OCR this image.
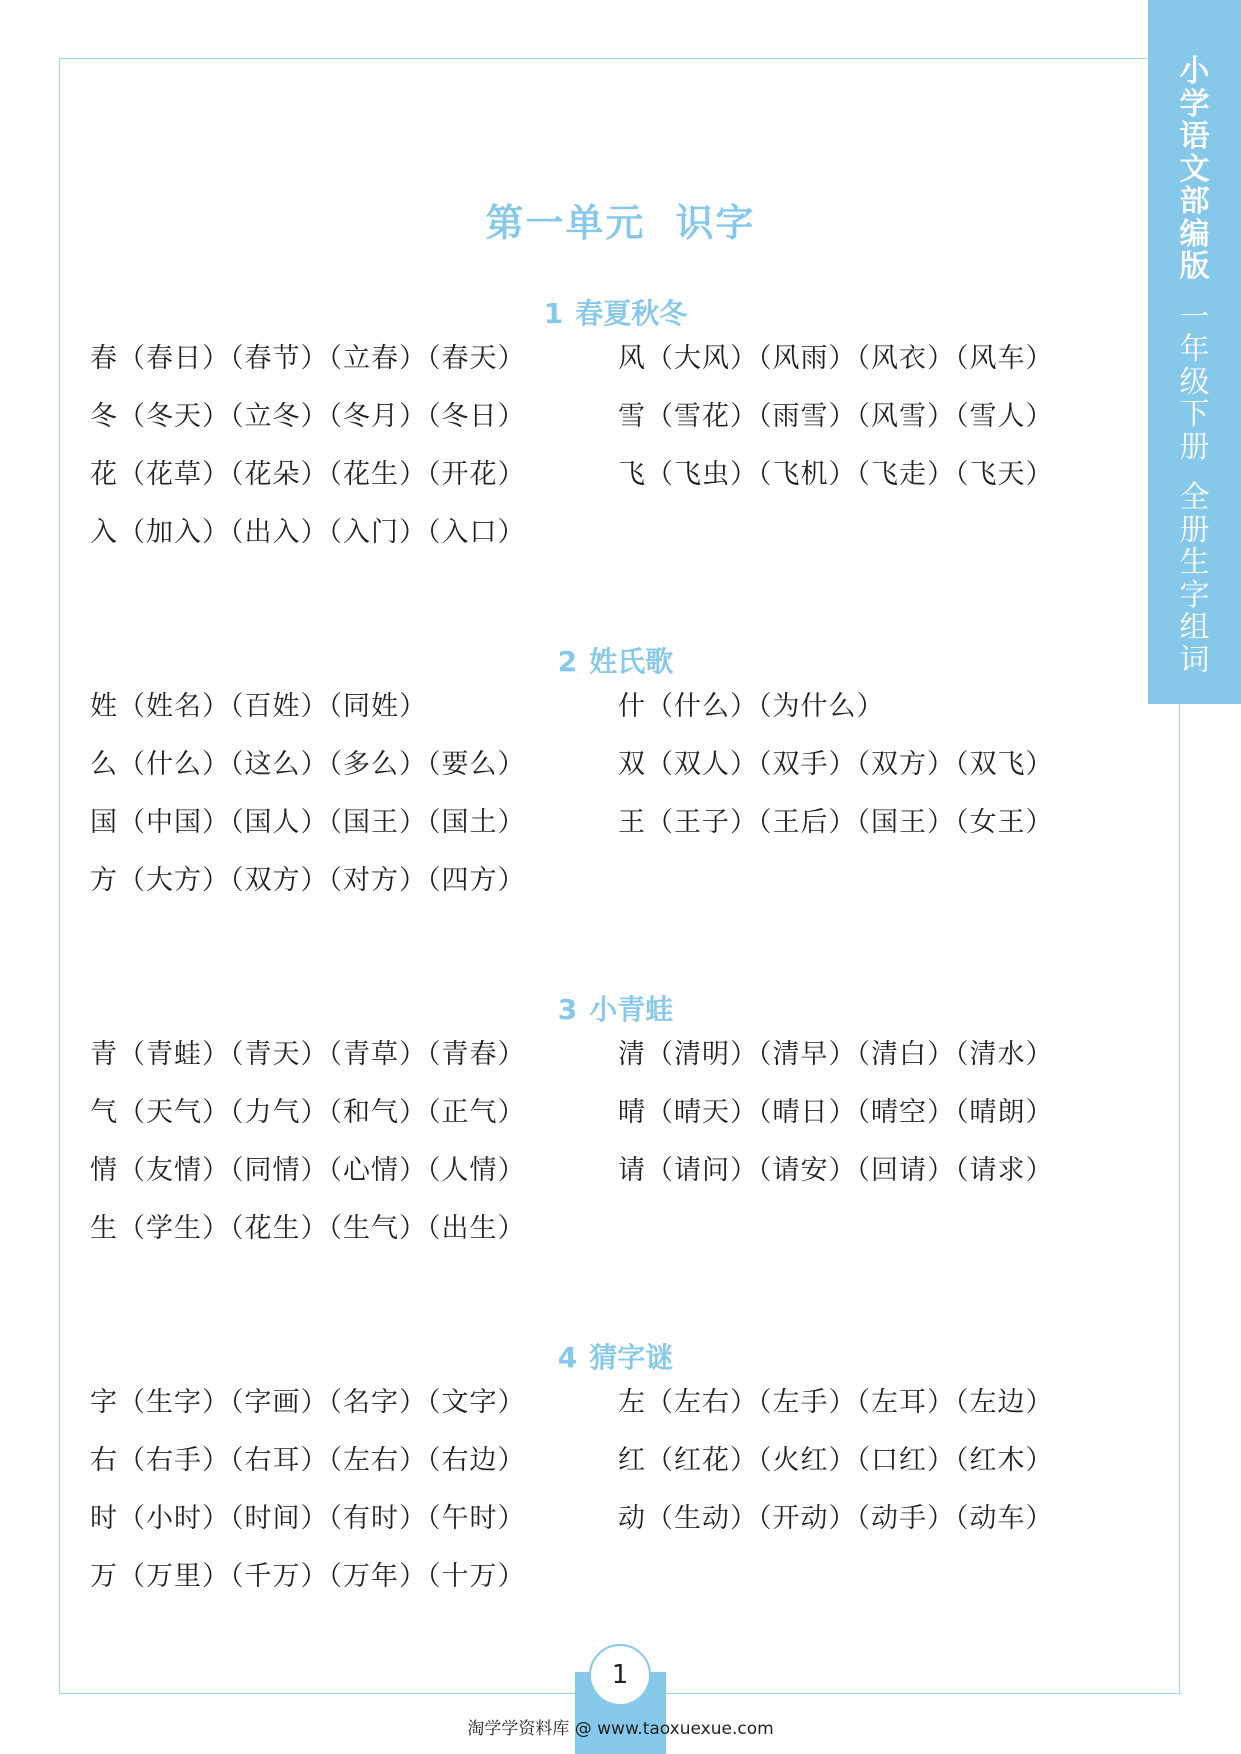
小
学
语
文
部
编
版
一
年
级
下
册
全
册
生
字
组
词
第一单元 识字
1 春夏秋冬
春（春日）（春节）（立春）（春天）	风（大风）（风雨）（风衣）（风车）
冬（冬天）（立冬）（冬月）（冬日）	雪（雪花）（雨雪）（风雪）（雪人）
花（花草）（花朵）（花生）（开花）	飞（飞虫）（飞机）（飞走）（飞天）
入（加入）（出入）（入门）（入口）
2 姓氏歌
姓（姓名）（百姓）（同姓）	什（什么）（为什么）
么（什么）（这么）（多么）（要么）	双（双人）（双手）（双方）（双飞）
国（中国）（国人）（国王）（国土）	王（王子）（王后）（国王）（女王）
方（大方）（双方）（对方）（四方）
3 小青蛙
青（青蛙）（青天）（青草）（青春）	清（清明）（清早）（清白）（清水）
气（天气）（力气）（和气）（正气）	晴（晴天）（晴日）（晴空）（晴朗）
情（友情）（同情）（心情）（人情）	请（请问）（请安）（回请）（请求）
生（学生）（花生）（生气）（出生）
4 猜字谜
字（生字）（字画）（名字）（文字）	左（左右）（左手）（左耳）（左边）
右（右手）（右耳）（左右）（右边）	红（红花）（火红）（口红）（红木）
时（小时）（时间）（有时）（午时）	动（生动）（开动）（动手）（动车）
万（万里）（千万）（万年）（十万）
1
淘学学资料库 @ www.taoxuexue.com
